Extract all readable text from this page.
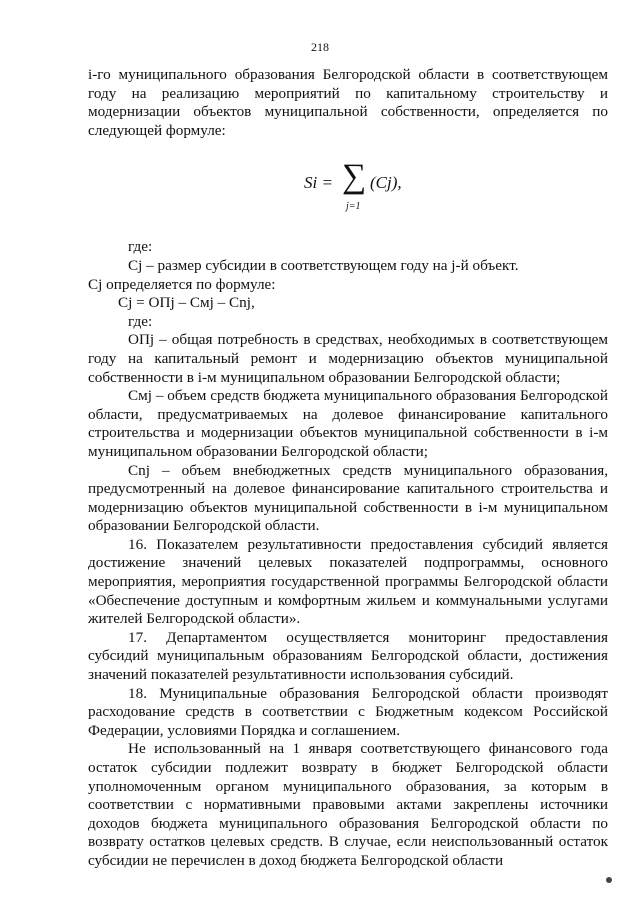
218

i-го муниципального образования Белгородской области в соответствующем году на реализацию мероприятий по капитальному строительству и модернизации объектов муниципальной собственности, определяется по следующей формуле:

Si = ∑
j=1
(Cj),

где:

Cj – размер субсидии в соответствующем году на j-й объект.

Cj определяется по формуле:

Cj = ОПj – Cмj – Cnj,

где:

ОПj – общая потребность в средствах, необходимых в соответствующем году на капитальный ремонт и модернизацию объектов муниципальной собственности в i-м муниципальном образовании Белгородской области;

Смj – объем средств бюджета муниципального образования Белгородской области, предусматриваемых на долевое финансирование капитального строительства и модернизации объектов муниципальной собственности в i-м муниципальном образовании Белгородской области;

Cnj – объем внебюджетных средств муниципального образования, предусмотренный на долевое финансирование капитального строительства и модернизацию объектов муниципальной собственности в i-м муниципальном образовании Белгородской области.

16. Показателем результативности предоставления субсидий является достижение значений целевых показателей подпрограммы, основного мероприятия, мероприятия государственной программы Белгородской области «Обеспечение доступным и комфортным жильем и коммунальными услугами жителей Белгородской области».

17. Департаментом осуществляется мониторинг предоставления субсидий муниципальным образованиям Белгородской области, достижения значений показателей результативности использования субсидий.

18. Муниципальные образования Белгородской области производят расходование средств в соответствии с Бюджетным кодексом Российской Федерации, условиями Порядка и соглашением.

Не использованный на 1 января соответствующего финансового года остаток субсидии подлежит возврату в бюджет Белгородской области уполномоченным органом муниципального образования, за которым в соответствии с нормативными правовыми актами закреплены источники доходов бюджета муниципального образования Белгородской области по возврату остатков целевых средств. В случае, если неиспользованный остаток субсидии не перечислен в доход бюджета Белгородской области
